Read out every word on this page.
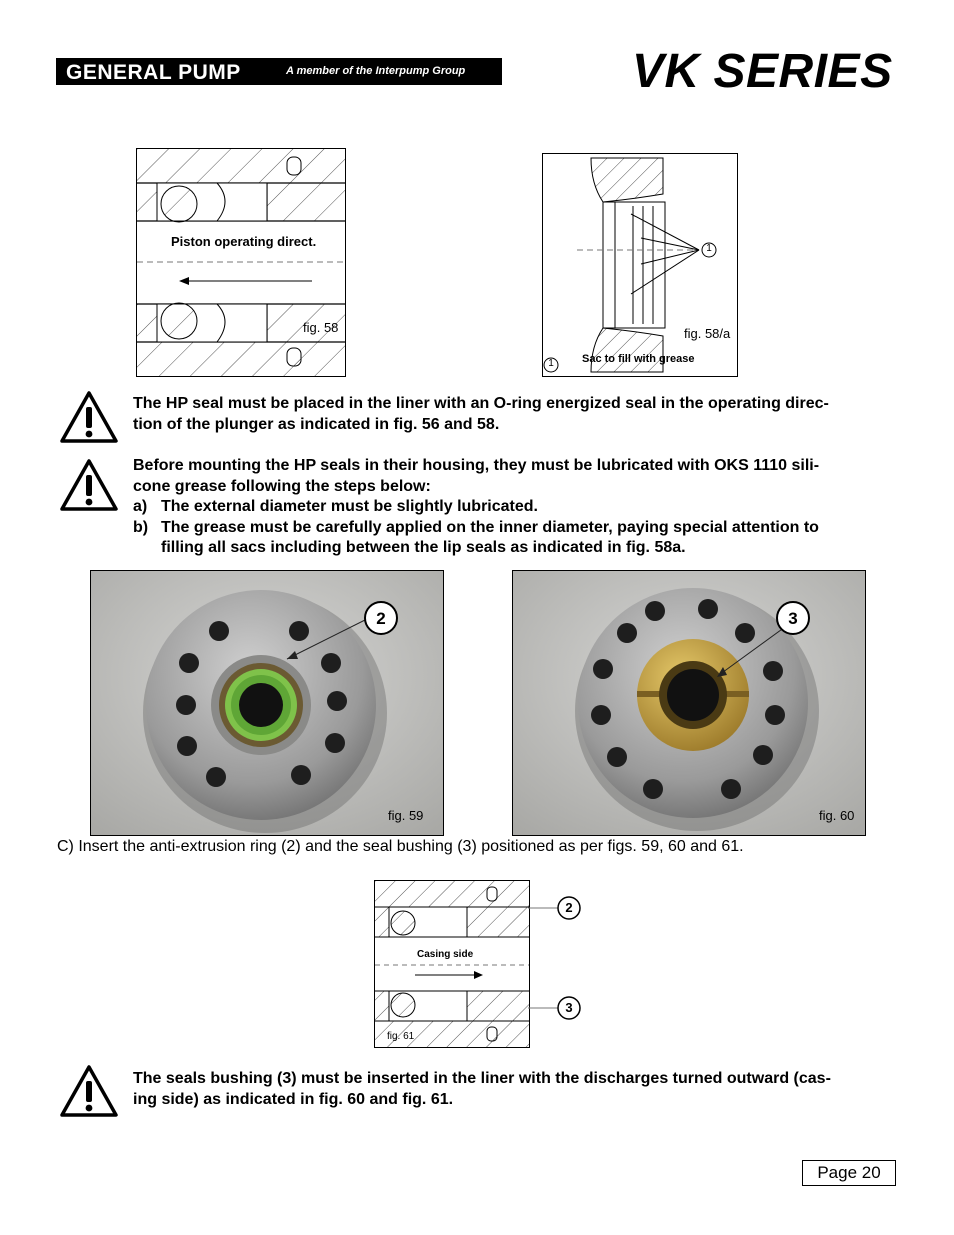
GENERAL PUMP	A member of the Interpump Group	VK SERIES
Piston operating direct.
fig. 58
1
fig. 58/a
1	Sac to fill with grease
The HP seal must be placed in the liner with an O-ring energized seal in the operating direc-
tion of the plunger as indicated in fig. 56 and 58.
Before mounting the HP seals in their housing, they must be lubricated with OKS 1110 sili-
cone grease following the steps below:
a) The external diameter must be slightly lubricated.
b) The grease must be carefully applied on the inner diameter, paying special attention to
filling all sacs including between the lip seals as indicated in fig. 58a.
2
fig. 59
3
fig. 60
C) Insert the anti-extrusion ring (2) and the seal bushing (3) positioned as per figs. 59, 60 and 61.
Casing side
fig. 61
2
3
The seals bushing (3) must be inserted in the liner with the discharges turned outward (cas-
ing side) as indicated in fig. 60 and fig. 61.
Page 20
